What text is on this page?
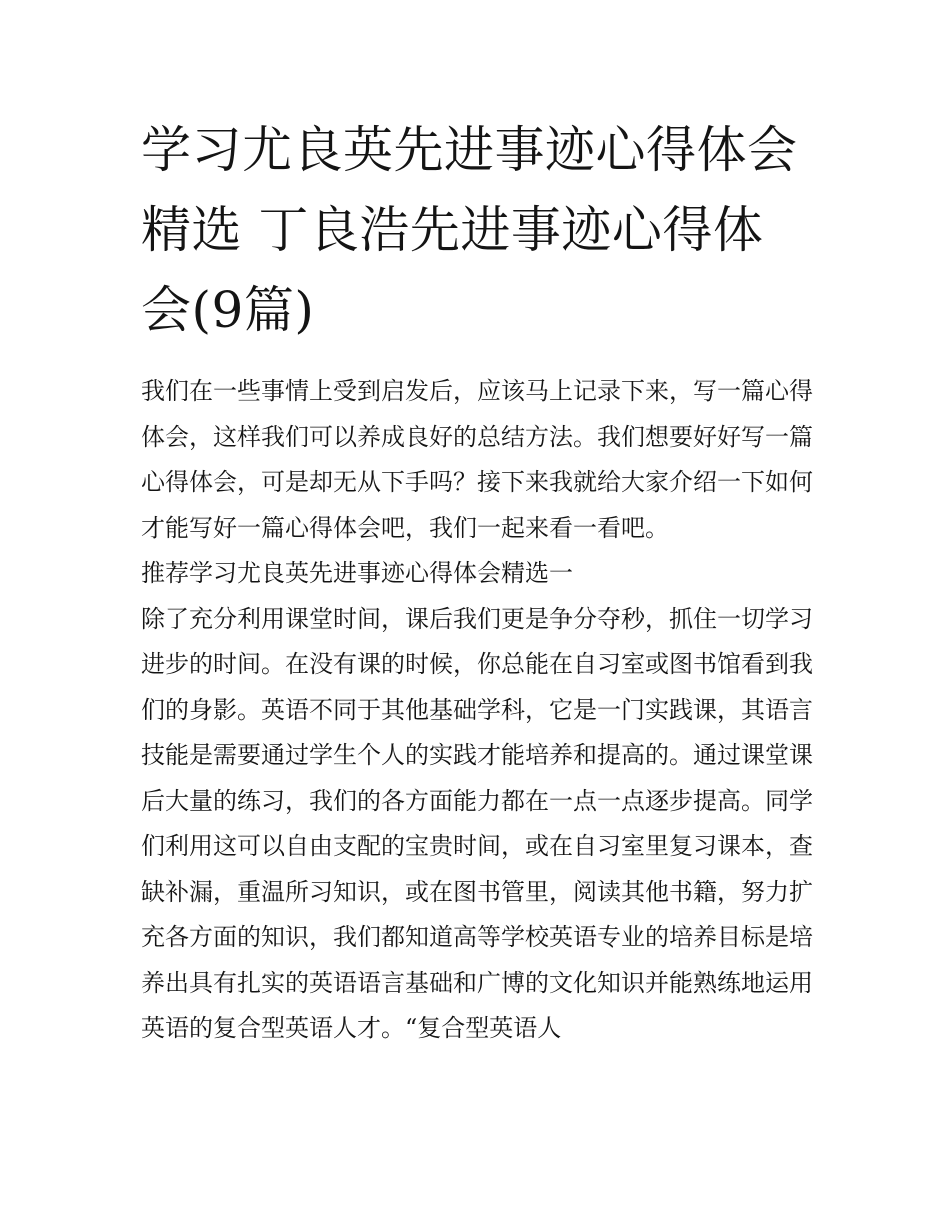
学习尤良英先进事迹心得体会精选 丁良浩先进事迹心得体会(9篇)

我们在一些事情上受到启发后，应该马上记录下来，写一篇心得体会，这样我们可以养成良好的总结方法。我们想要好好写一篇心得体会，可是却无从下手吗？接下来我就给大家介绍一下如何才能写好一篇心得体会吧，我们一起来看一看吧。

推荐学习尤良英先进事迹心得体会精选一

除了充分利用课堂时间，课后我们更是争分夺秒，抓住一切学习进步的时间。在没有课的时候，你总能在自习室或图书馆看到我们的身影。英语不同于其他基础学科，它是一门实践课，其语言技能是需要通过学生个人的实践才能培养和提高的。通过课堂课后大量的练习，我们的各方面能力都在一点一点逐步提高。同学们利用这可以自由支配的宝贵时间，或在自习室里复习课本，查缺补漏，重温所习知识，或在图书管里，阅读其他书籍，努力扩充各方面的知识，我们都知道高等学校英语专业的培养目标是培养出具有扎实的英语语言基础和广博的文化知识并能熟练地运用英语的复合型英语人才。“复合型英语人
